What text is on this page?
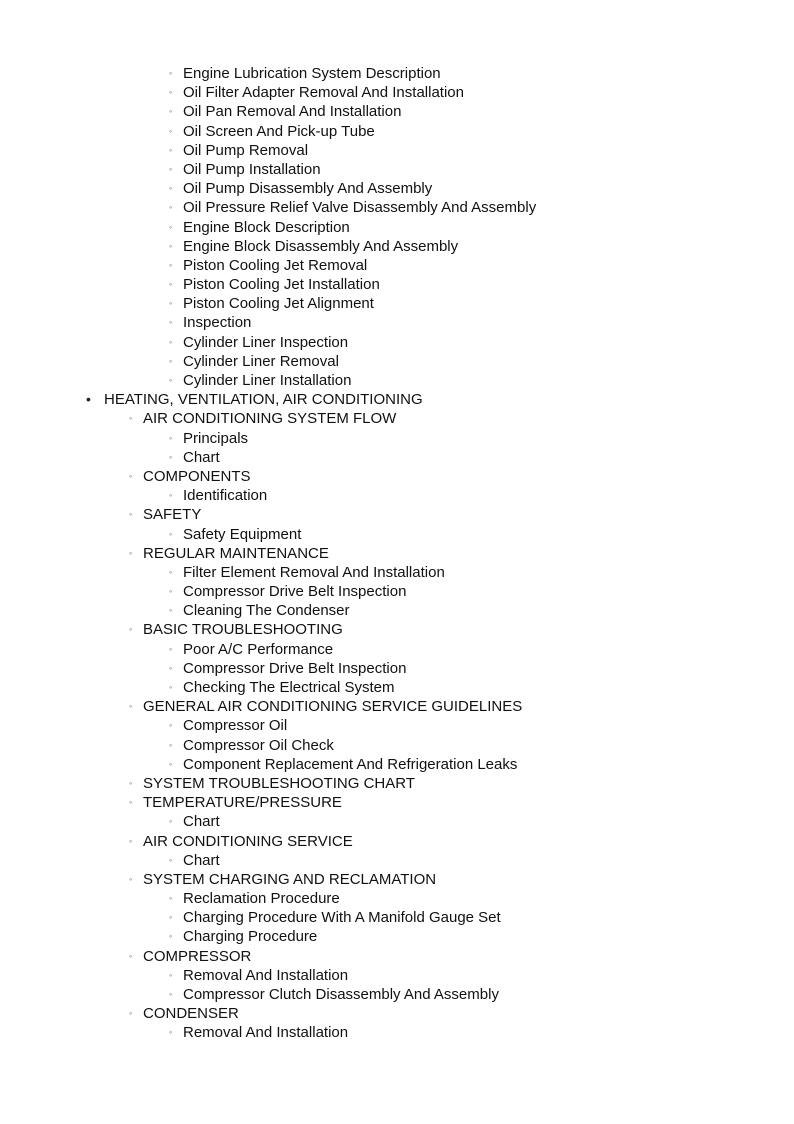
◦ Engine Lubrication System Description
◦ Oil Filter Adapter Removal And Installation
◦ Oil Pan Removal And Installation
◦ Oil Screen And Pick-up Tube
◦ Oil Pump Removal
◦ Oil Pump Installation
◦ Oil Pump Disassembly And Assembly
◦ Oil Pressure Relief Valve Disassembly And Assembly
◦ Engine Block Description
◦ Engine Block Disassembly And Assembly
◦ Piston Cooling Jet Removal
◦ Piston Cooling Jet Installation
◦ Piston Cooling Jet Alignment
◦ Inspection
◦ Cylinder Liner Inspection
◦ Cylinder Liner Removal
◦ Cylinder Liner Installation
• HEATING, VENTILATION, AIR CONDITIONING
◦ AIR CONDITIONING SYSTEM FLOW
◦ Principals
◦ Chart
◦ COMPONENTS
◦ Identification
◦ SAFETY
◦ Safety Equipment
◦ REGULAR MAINTENANCE
◦ Filter Element Removal And Installation
◦ Compressor Drive Belt Inspection
◦ Cleaning The Condenser
◦ BASIC TROUBLESHOOTING
◦ Poor A/C Performance
◦ Compressor Drive Belt Inspection
◦ Checking The Electrical System
◦ GENERAL AIR CONDITIONING SERVICE GUIDELINES
◦ Compressor Oil
◦ Compressor Oil Check
◦ Component Replacement And Refrigeration Leaks
◦ SYSTEM TROUBLESHOOTING CHART
◦ TEMPERATURE/PRESSURE
◦ Chart
◦ AIR CONDITIONING SERVICE
◦ Chart
◦ SYSTEM CHARGING AND RECLAMATION
◦ Reclamation Procedure
◦ Charging Procedure With A Manifold Gauge Set
◦ Charging Procedure
◦ COMPRESSOR
◦ Removal And Installation
◦ Compressor Clutch Disassembly And Assembly
◦ CONDENSER
◦ Removal And Installation
